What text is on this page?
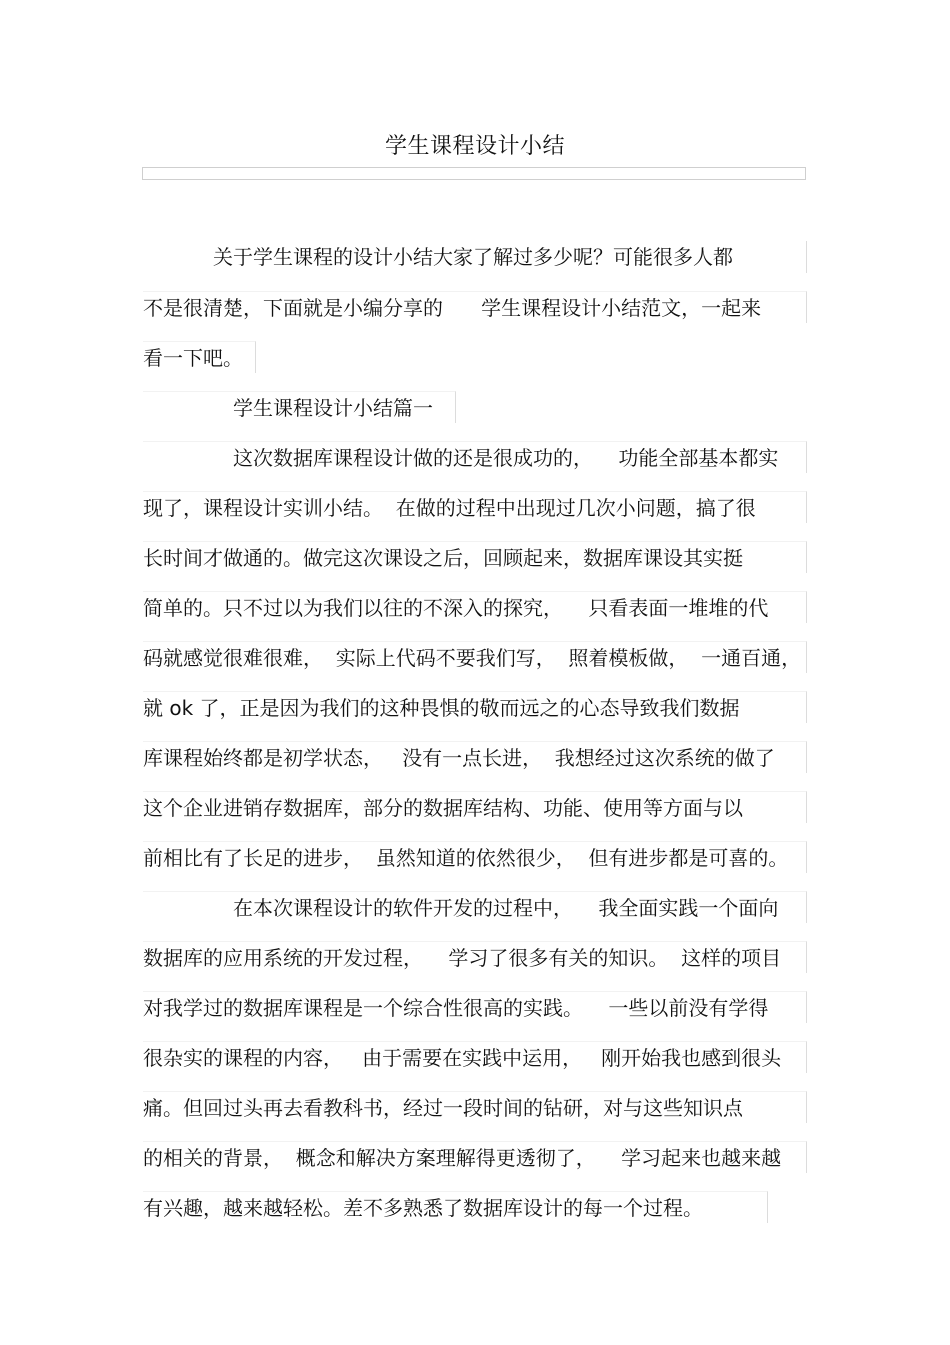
学生课程设计小结
关于学生课程的设计小结大家了解过多少呢？可能很多人都
不是很清楚，下面就是小编分享的      学生课程设计小结范文，一起来
看一下吧。
学生课程设计小结篇一
这次数据库课程设计做的还是很成功的，    功能全部基本都实
现了，课程设计实训小结。  在做的过程中出现过几次小问题，搞了很
长时间才做通的。做完这次课设之后，回顾起来，数据库课设其实挺
简单的。只不过以为我们以往的不深入的探究，    只看表面一堆堆的代
码就感觉很难很难，  实际上代码不要我们写，  照着模板做，  一通百通，
就 ok 了，正是因为我们的这种畏惧的敬而远之的心态导致我们数据
库课程始终都是初学状态，   没有一点长进，  我想经过这次系统的做了
这个企业进销存数据库，部分的数据库结构、功能、使用等方面与以
前相比有了长足的进步，  虽然知道的依然很少，  但有进步都是可喜的。
在本次课程设计的软件开发的过程中，    我全面实践一个面向
数据库的应用系统的开发过程，    学习了很多有关的知识。  这样的项目
对我学过的数据库课程是一个综合性很高的实践。    一些以前没有学得
很杂实的课程的内容，   由于需要在实践中运用，   刚开始我也感到很头
痛。但回过头再去看教科书，经过一段时间的钻研，对与这些知识点
的相关的背景，  概念和解决方案理解得更透彻了，    学习起来也越来越
有兴趣，越来越轻松。差不多熟悉了数据库设计的每一个过程。
